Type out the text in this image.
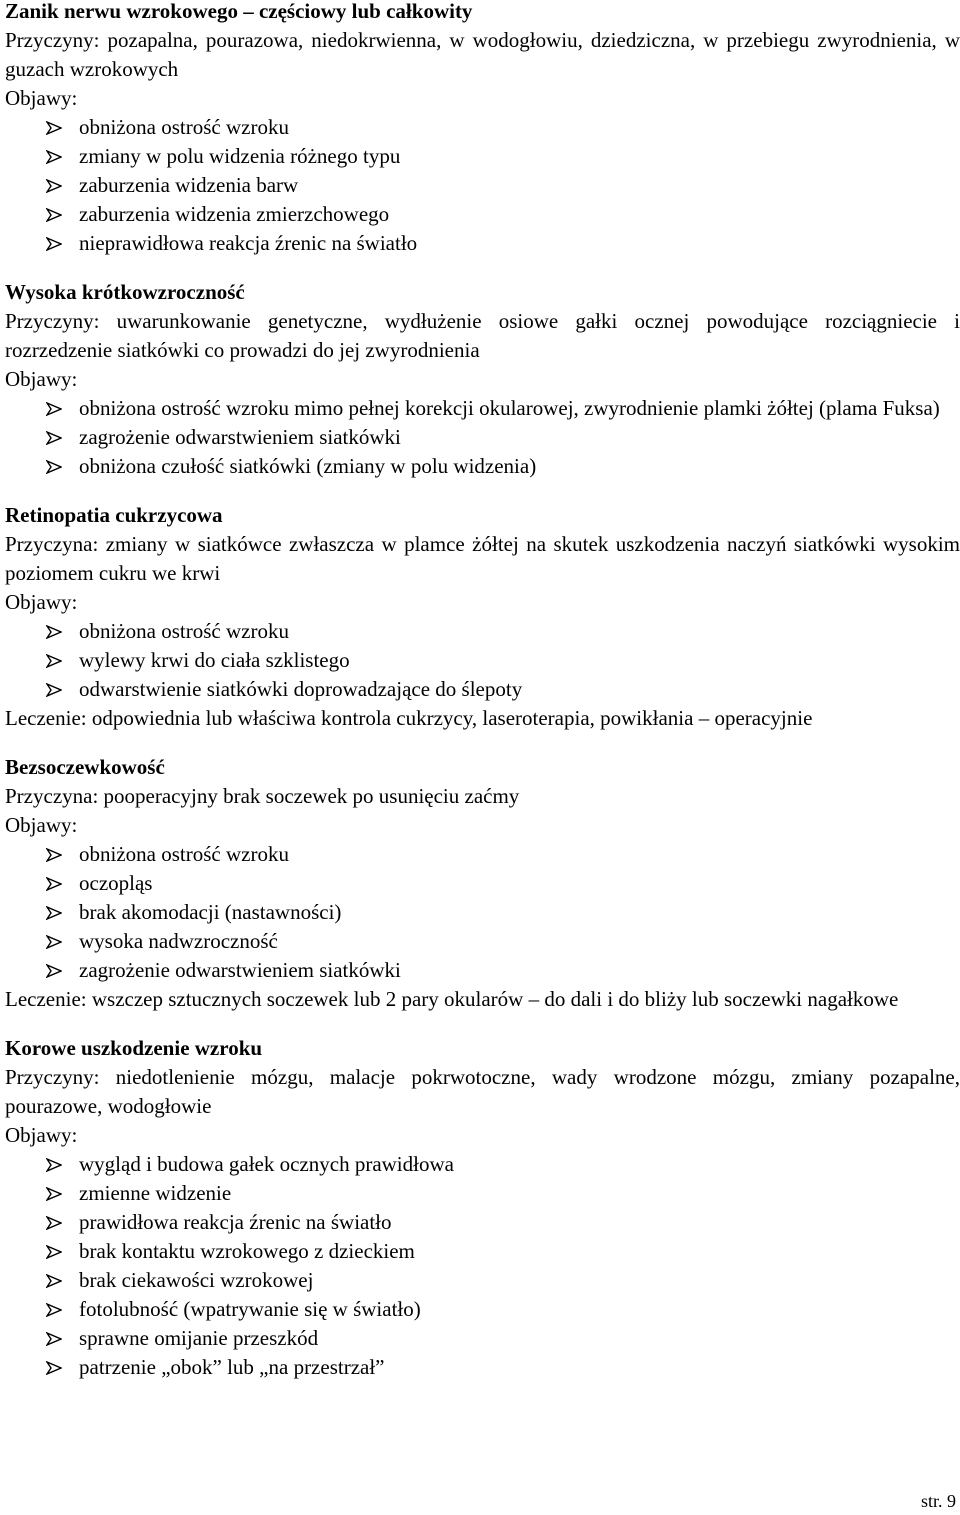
Zanik nerwu wzrokowego – częściowy lub całkowity

Przyczyny: pozapalna, pourazowa, niedokrwienna, w wodogłowiu, dziedziczna, w przebiegu zwyrodnienia, w guzach wzrokowych

Objawy:

obniżona ostrość wzroku
zmiany w polu widzenia różnego typu
zaburzenia widzenia barw
zaburzenia widzenia zmierzchowego
nieprawidłowa reakcja źrenic na światło
Wysoka krótkowzroczność

Przyczyny: uwarunkowanie genetyczne, wydłużenie osiowe gałki ocznej powodujące rozciągniecie i rozrzedzenie siatkówki co prowadzi do jej zwyrodnienia

Objawy:

obniżona ostrość wzroku mimo pełnej korekcji okularowej, zwyrodnienie plamki żółtej (plama Fuksa)
zagrożenie odwarstwieniem siatkówki
obniżona czułość siatkówki (zmiany w polu widzenia)
Retinopatia cukrzycowa

Przyczyna: zmiany w siatkówce zwłaszcza w plamce żółtej na skutek uszkodzenia naczyń siatkówki wysokim poziomem cukru we krwi

Objawy:

obniżona ostrość wzroku
wylewy krwi do ciała szklistego
odwarstwienie siatkówki doprowadzające do ślepoty

Leczenie: odpowiednia lub właściwa kontrola cukrzycy, laseroterapia, powikłania – operacyjnie

Bezsoczewkowość

Przyczyna: pooperacyjny brak soczewek po usunięciu zaćmy

Objawy:

obniżona ostrość wzroku
oczopląs
brak akomodacji (nastawności)
wysoka nadwzroczność
zagrożenie odwarstwieniem siatkówki

Leczenie: wszczep sztucznych soczewek lub 2 pary okularów – do dali i do bliży lub soczewki nagałkowe

Korowe uszkodzenie wzroku

Przyczyny: niedotlenienie mózgu, malacje pokrwotoczne, wady wrodzone mózgu, zmiany pozapalne, pourazowe, wodogłowie

Objawy:

wygląd i budowa gałek ocznych prawidłowa
zmienne widzenie
prawidłowa reakcja źrenic na światło
brak kontaktu wzrokowego z dzieckiem
brak ciekawości wzrokowej
fotolubność (wpatrywanie się w światło)
sprawne omijanie przeszkód
patrzenie „obok” lub „na przestrzał”
str. 9
